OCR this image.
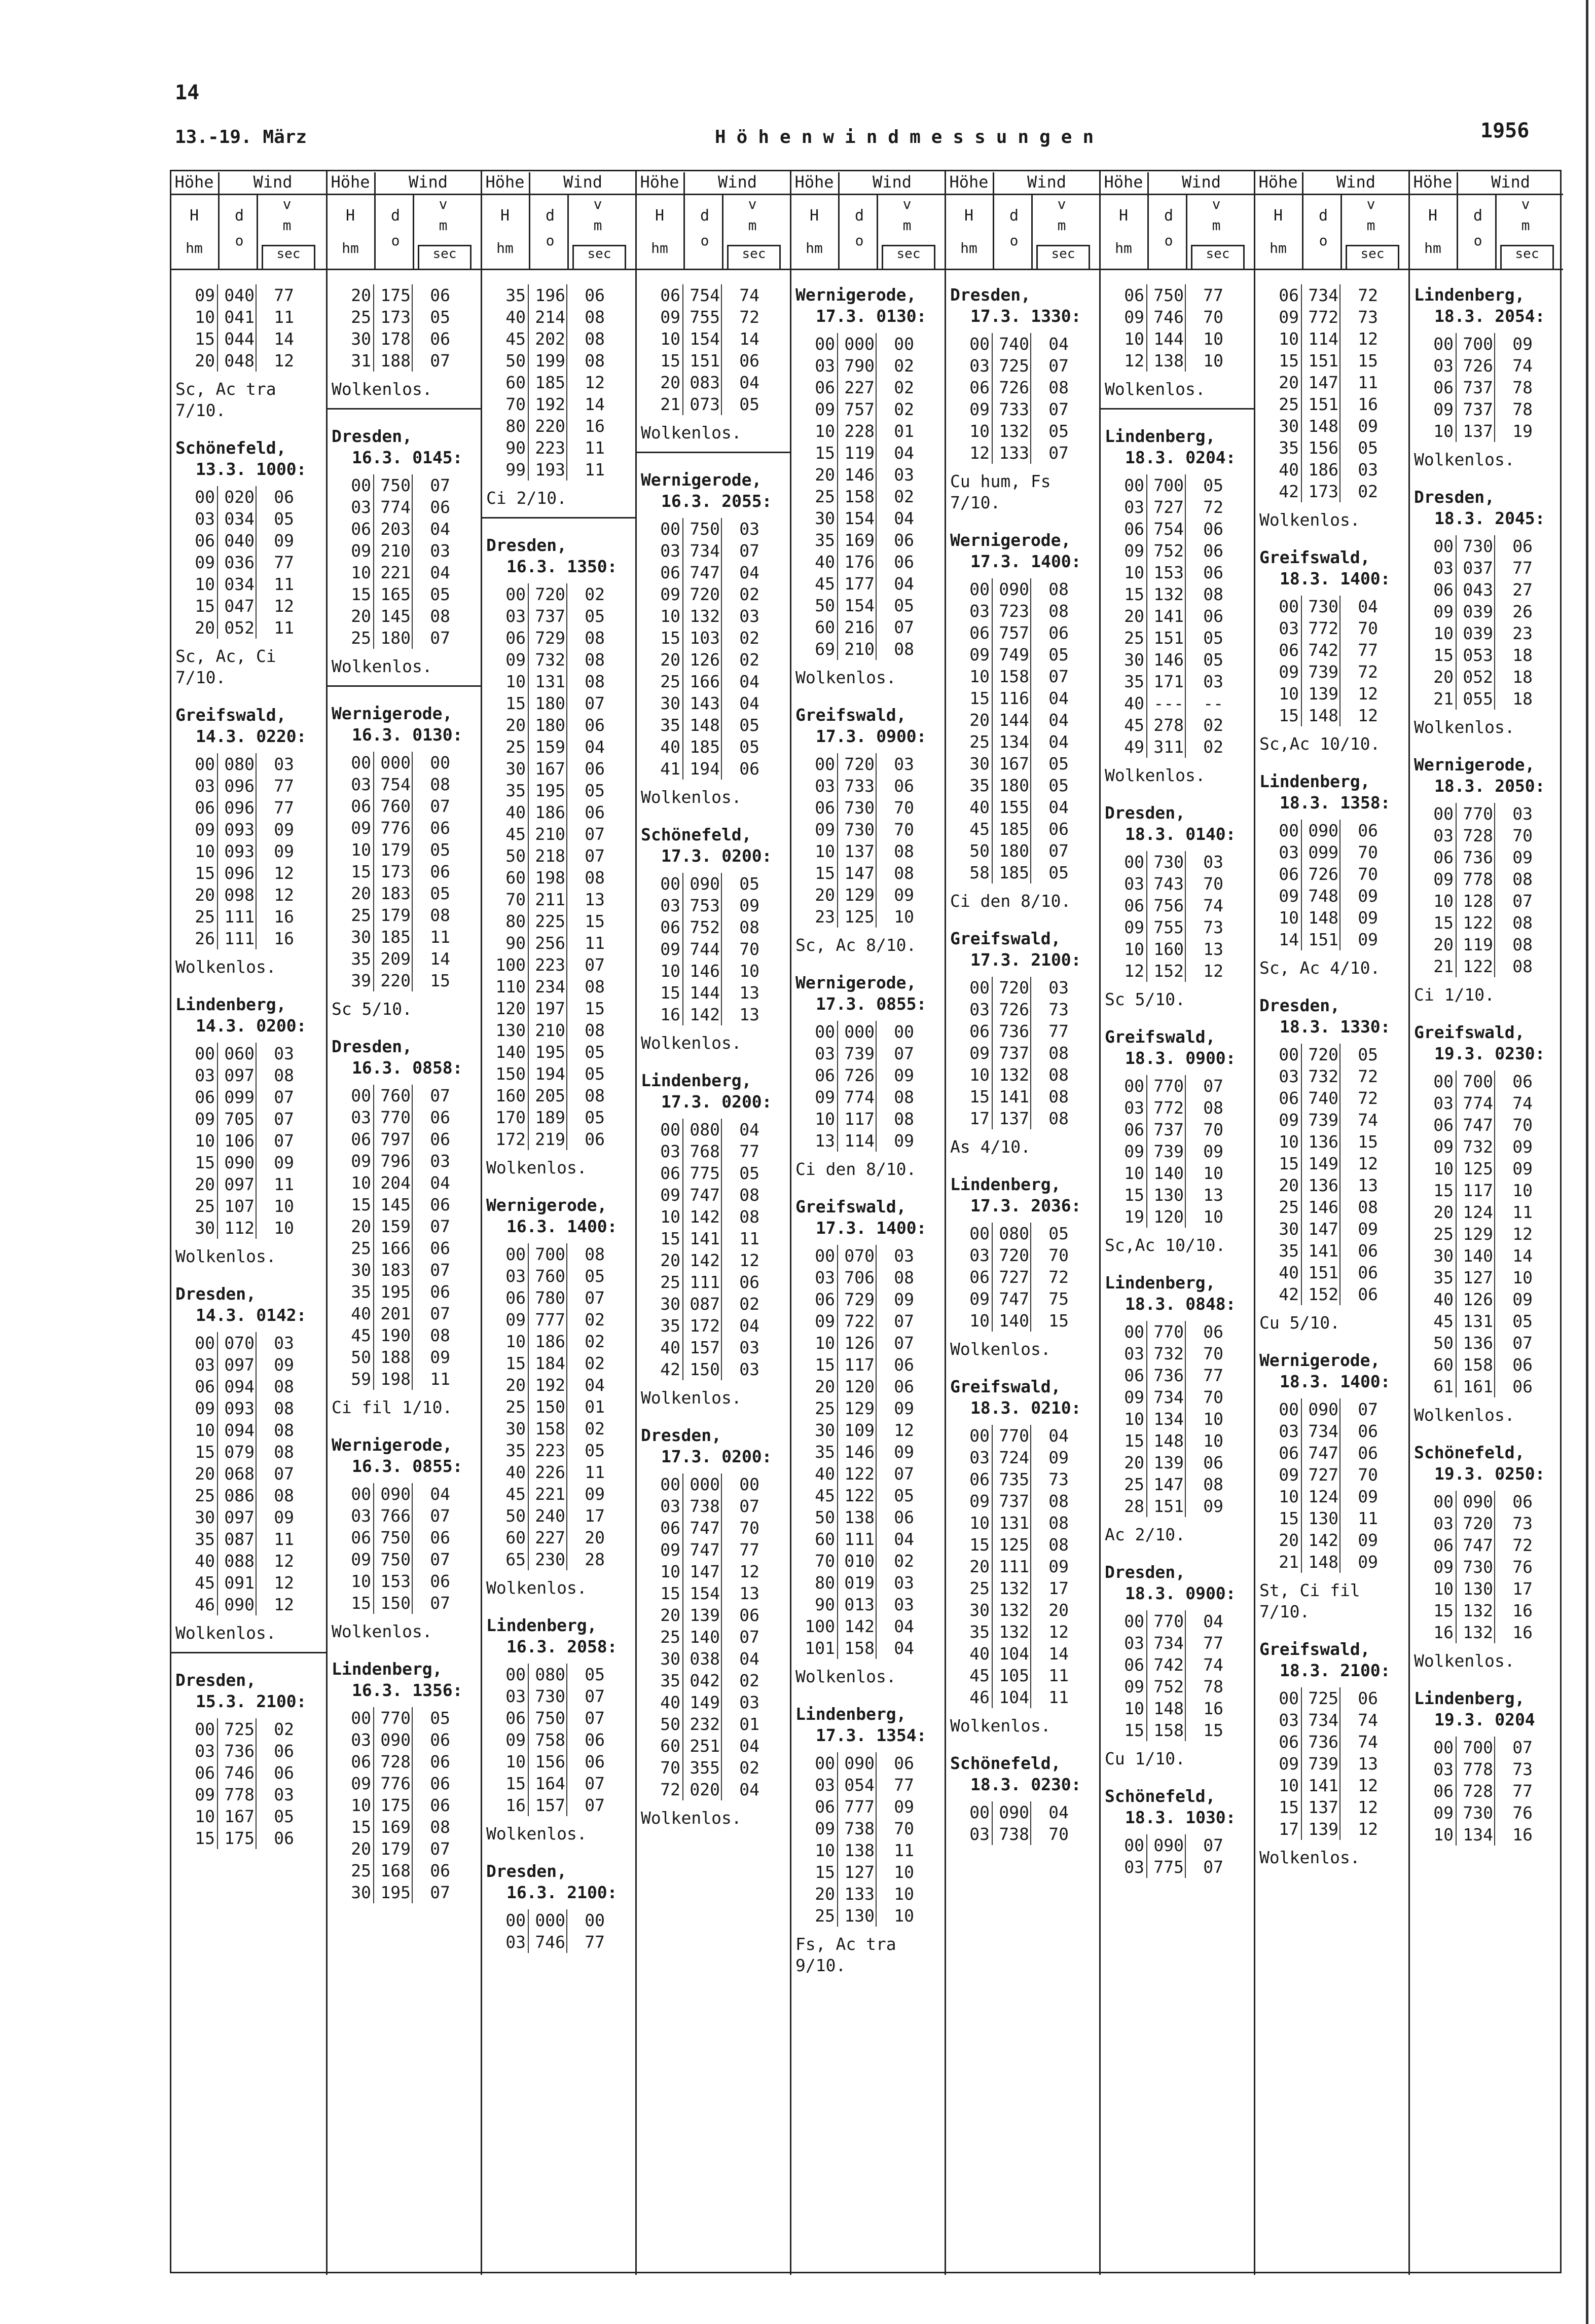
14
13.-19. März	Höhenwindmessungen	1956
Höhe	Wind
H
hm
d
o
v
m
sec
09 040	77
10 041	11
15 044	14
20 048	12
Sc, Ac tra
7/10.
Schönefeld,
13.3. 1000:
00 020	06
03 034	05
06 040	09
09 036	77
10 034	11
15 047	12
20 052	11
Sc, Ac, Ci
7/10.
Greifswald,
14.3. 0220:
00 080	03
03 096	77
06 096	77
09 093	09
10 093	09
15 096	12
20 098	12
25 111	16
26 111	16
Wolkenlos.
Lindenberg,
14.3. 0200:
00 060	03
03 097	08
06 099	07
09 705	07
10 106	07
15 090	09
20 097	11
25 107	10
30 112	10
Wolkenlos.
Dresden,
14.3. 0142:
00 070	03
03 097	09
06 094	08
09 093	08
10 094	08
15 079	08
20 068	07
25 086	08
30 097	09
35 087	11
40 088	12
45 091	12
46 090	12
Wolkenlos.
Dresden,
15.3. 2100:
00 725	02
03 736	06
06 746	06
09 778	03
10 167	05
15 175	06
Höhe	Wind
H
hm
d
o
v
m
sec
20 175	06
25 173	05
30 178	06
31 188	07
Wolkenlos.
Dresden,
16.3. 0145:
00 750	07
03 774	06
06 203	04
09 210	03
10 221	04
15 165	05
20 145	08
25 180	07
Wolkenlos.
Wernigerode,
16.3. 0130:
00 000	00
03 754	08
06 760	07
09 776	06
10 179	05
15 173	06
20 183	05
25 179	08
30 185	11
35 209	14
39 220	15
Sc 5/10.
Dresden,
16.3. 0858:
00 760	07
03 770	06
06 797	06
09 796	03
10 204	04
15 145	06
20 159	07
25 166	06
30 183	07
35 195	06
40 201	07
45 190	08
50 188	09
59 198	11
Ci fil 1/10.
Wernigerode,
16.3. 0855:
00 090	04
03 766	07
06 750	06
09 750	07
10 153	06
15 150	07
Wolkenlos.
Lindenberg,
16.3. 1356:
00 770	05
03 090	06
06 728	06
09 776	06
10 175	06
15 169	08
20 179	07
25 168	06
30 195	07
Höhe	Wind
H
hm
d
o
v
m
sec
35 196	06
40 214	08
45 202	08
50 199	08
60 185	12
70 192	14
80 220	16
90 223	11
99 193	11
Ci 2/10.
Dresden,
16.3. 1350:
00 720	02
03 737	05
06 729	08
09 732	08
10 131	08
15 180	07
20 180	06
25 159	04
30 167	06
35 195	05
40 186	06
45 210	07
50 218	07
60 198	08
70 211	13
80 225	15
90 256	11
100 223	07
110 234	08
120 197	15
130 210	08
140 195	05
150 194	05
160 205	08
170 189	05
172 219	06
Wolkenlos.
Wernigerode,
16.3. 1400:
00 700	08
03 760	05
06 780	07
09 777	02
10 186	02
15 184	02
20 192	04
25 150	01
30 158	02
35 223	05
40 226	11
45 221	09
50 240	17
60 227	20
65 230	28
Wolkenlos.
Lindenberg,
16.3. 2058:
00 080	05
03 730	07
06 750	07
09 758	06
10 156	06
15 164	07
16 157	07
Wolkenlos.
Dresden,
16.3. 2100:
00 000	00
03 746	77
Höhe	Wind
H
hm
d
o
v
m
sec
06 754	74
09 755	72
10 154	14
15 151	06
20 083	04
21 073	05
Wolkenlos.
Wernigerode,
16.3. 2055:
00 750	03
03 734	07
06 747	04
09 720	02
10 132	03
15 103	02
20 126	02
25 166	04
30 143	04
35 148	05
40 185	05
41 194	06
Wolkenlos.
Schönefeld,
17.3. 0200:
00 090	05
03 753	09
06 752	08
09 744	70
10 146	10
15 144	13
16 142	13
Wolkenlos.
Lindenberg,
17.3. 0200:
00 080	04
03 768	77
06 775	05
09 747	08
10 142	08
15 141	11
20 142	12
25 111	06
30 087	02
35 172	04
40 157	03
42 150	03
Wolkenlos.
Dresden,
17.3. 0200:
00 000	00
03 738	07
06 747	70
09 747	77
10 147	12
15 154	13
20 139	06
25 140	07
30 038	04
35 042	02
40 149	03
50 232	01
60 251	04
70 355	02
72 020	04
Wolkenlos.
Höhe	Wind
H
hm
d
o
v
m
sec
Wernigerode,
17.3. 0130:
00 000	00
03 790	02
06 227	02
09 757	02
10 228	01
15 119	04
20 146	03
25 158	02
30 154	04
35 169	06
40 176	06
45 177	04
50 154	05
60 216	07
69 210	08
Wolkenlos.
Greifswald,
17.3. 0900:
00 720	03
03 733	06
06 730	70
09 730	70
10 137	08
15 147	08
20 129	09
23 125	10
Sc, Ac 8/10.
Wernigerode,
17.3. 0855:
00 000	00
03 739	07
06 726	09
09 774	08
10 117	08
13 114	09
Ci den 8/10.
Greifswald,
17.3. 1400:
00 070	03
03 706	08
06 729	09
09 722	07
10 126	07
15 117	06
20 120	06
25 129	09
30 109	12
35 146	09
40 122	07
45 122	05
50 138	06
60 111	04
70 010	02
80 019	03
90 013	03
100 142	04
101 158	04
Wolkenlos.
Lindenberg,
17.3. 1354:
00 090	06
03 054	77
06 777	09
09 738	70
10 138	11
15 127	10
20 133	10
25 130	10
Fs, Ac tra
9/10.
Höhe	Wind
H
hm
d
o
v
m
sec
Dresden,
17.3. 1330:
00 740	04
03 725	07
06 726	08
09 733	07
10 132	05
12 133	07
Cu hum, Fs
7/10.
Wernigerode,
17.3. 1400:
00 090	08
03 723	08
06 757	06
09 749	05
10 158	07
15 116	04
20 144	04
25 134	04
30 167	05
35 180	05
40 155	04
45 185	06
50 180	07
58 185	05
Ci den 8/10.
Greifswald,
17.3. 2100:
00 720	03
03 726	73
06 736	77
09 737	08
10 132	08
15 141	08
17 137	08
As 4/10.
Lindenberg,
17.3. 2036:
00 080	05
03 720	70
06 727	72
09 747	75
10 140	15
Wolkenlos.
Greifswald,
18.3. 0210:
00 770	04
03 724	09
06 735	73
09 737	08
10 131	08
15 125	08
20 111	09
25 132	17
30 132	20
35 132	12
40 104	14
45 105	11
46 104	11
Wolkenlos.
Schönefeld,
18.3. 0230:
00 090	04
03 738	70
Höhe	Wind
H
hm
d
o
v
m
sec
06 750	77
09 746	70
10 144	10
12 138	10
Wolkenlos.
Lindenberg,
18.3. 0204:
00 700	05
03 727	72
06 754	06
09 752	06
10 153	06
15 132	08
20 141	06
25 151	05
30 146	05
35 171	03
40 ---	--
45 278	02
49 311	02
Wolkenlos.
Dresden,
18.3. 0140:
00 730	03
03 743	70
06 756	74
09 755	73
10 160	13
12 152	12
Sc 5/10.
Greifswald,
18.3. 0900:
00 770	07
03 772	08
06 737	70
09 739	09
10 140	10
15 130	13
19 120	10
Sc,Ac 10/10.
Lindenberg,
18.3. 0848:
00 770	06
03 732	70
06 736	77
09 734	70
10 134	10
15 148	10
20 139	06
25 147	08
28 151	09
Ac 2/10.
Dresden,
18.3. 0900:
00 770	04
03 734	77
06 742	74
09 752	78
10 148	16
15 158	15
Cu 1/10.
Schönefeld,
18.3. 1030:
00 090	07
03 775	07
Höhe	Wind
H
hm
d
o
v
m
sec
06 734	72
09 772	73
10 114	12
15 151	15
20 147	11
25 151	16
30 148	09
35 156	05
40 186	03
42 173	02
Wolkenlos.
Greifswald,
18.3. 1400:
00 730	04
03 772	70
06 742	77
09 739	72
10 139	12
15 148	12
Sc,Ac 10/10.
Lindenberg,
18.3. 1358:
00 090	06
03 099	70
06 726	70
09 748	09
10 148	09
14 151	09
Sc, Ac 4/10.
Dresden,
18.3. 1330:
00 720	05
03 732	72
06 740	72
09 739	74
10 136	15
15 149	12
20 136	13
25 146	08
30 147	09
35 141	06
40 151	06
42 152	06
Cu 5/10.
Wernigerode,
18.3. 1400:
00 090	07
03 734	06
06 747	06
09 727	70
10 124	09
15 130	11
20 142	09
21 148	09
St, Ci fil
7/10.
Greifswald,
18.3. 2100:
00 725	06
03 734	74
06 736	74
09 739	13
10 141	12
15 137	12
17 139	12
Wolkenlos.
Höhe	Wind
H
hm
d
o
v
m
sec
Lindenberg,
18.3. 2054:
00 700	09
03 726	74
06 737	78
09 737	78
10 137	19
Wolkenlos.
Dresden,
18.3. 2045:
00 730	06
03 037	77
06 043	27
09 039	26
10 039	23
15 053	18
20 052	18
21 055	18
Wolkenlos.
Wernigerode,
18.3. 2050:
00 770	03
03 728	70
06 736	09
09 778	08
10 128	07
15 122	08
20 119	08
21 122	08
Ci 1/10.
Greifswald,
19.3. 0230:
00 700	06
03 774	74
06 747	70
09 732	09
10 125	09
15 117	10
20 124	11
25 129	12
30 140	14
35 127	10
40 126	09
45 131	05
50 136	07
60 158	06
61 161	06
Wolkenlos.
Schönefeld,
19.3. 0250:
00 090	06
03 720	73
06 747	72
09 730	76
10 130	17
15 132	16
16 132	16
Wolkenlos.
Lindenberg,
19.3. 0204
00 700	07
03 778	73
06 728	77
09 730	76
10 134	16
